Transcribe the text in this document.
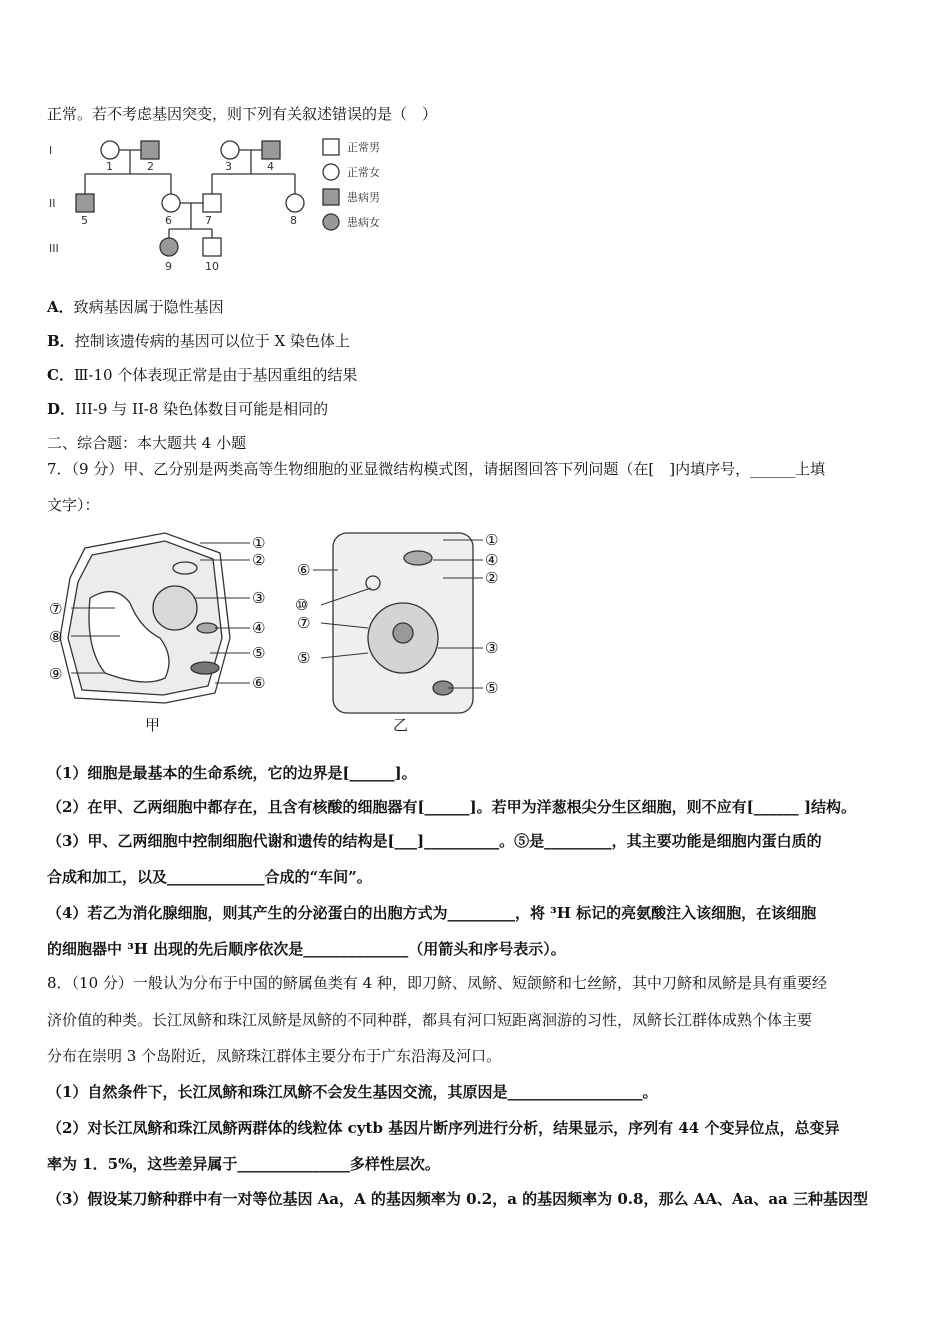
正常。若不考虑基因突变，则下列有关叙述错误的是（　）
I
II
III
1	2	3	4
5	6	7	8
9	10
正常男
正常女
患病男
患病女
A．致病基因属于隐性基因
B．控制该遗传病的基因可以位于 X 染色体上
C．Ⅲ-10 个体表现正常是由于基因重组的结果
D．III-9 与 II-8 染色体数目可能是相同的
二、综合题：本大题共 4 小题
7．（9 分）甲、乙分别是两类高等生物细胞的亚显微结构模式图，请据图回答下列问题（在[　]内填序号，______上填
文字）：
①
②
③
④
⑤
⑥
⑦
⑧
⑨
甲
①
④
②
⑥
⑩
⑦
⑤
③
⑤
乙
（1）细胞是最基本的生命系统，它的边界是[______]。
（2）在甲、乙两细胞中都存在，且含有核酸的细胞器有[______]。若甲为洋葱根尖分生区细胞，则不应有[______ ]结构。
（3）甲、乙两细胞中控制细胞代谢和遗传的结构是[___]__________。⑤是_________，其主要功能是细胞内蛋白质的
合成和加工，以及_____________合成的“车间”。
（4）若乙为消化腺细胞，则其产生的分泌蛋白的出胞方式为_________，将 ³H 标记的亮氨酸注入该细胞，在该细胞
的细胞器中 ³H 出现的先后顺序依次是______________（用箭头和序号表示）。
8．（10 分）一般认为分布于中国的鲚属鱼类有 4 种，即刀鲚、凤鲚、短颌鲚和七丝鲚，其中刀鲚和凤鲚是具有重要经
济价值的种类。长江凤鲚和珠江凤鲚是凤鲚的不同种群，都具有河口短距离洄游的习性，凤鲚长江群体成熟个体主要
分布在崇明 3 个岛附近，凤鲚珠江群体主要分布于广东沿海及河口。
（1）自然条件下，长江凤鲚和珠江凤鲚不会发生基因交流，其原因是__________________。
（2）对长江凤鲚和珠江凤鲚两群体的线粒体 cytb 基因片断序列进行分析，结果显示，序列有 44 个变异位点，总变异
率为 1．5%，这些差异属于_______________多样性层次。
（3）假设某刀鲚种群中有一对等位基因 Aa，A 的基因频率为 0.2，a 的基因频率为 0.8，那么 AA、Aa、aa 三种基因型
